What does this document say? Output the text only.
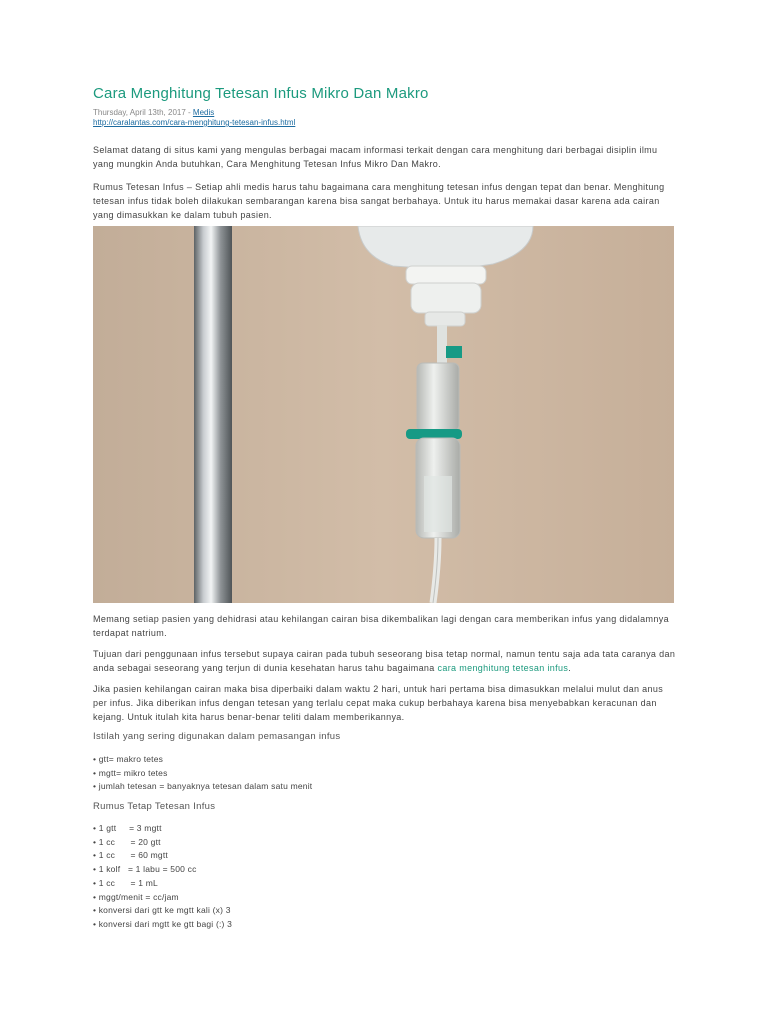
Cara Menghitung Tetesan Infus Mikro Dan Makro
Thursday, April 13th, 2017 - Medis
http://caralantas.com/cara-menghitung-tetesan-infus.html

Selamat datang di situs kami yang mengulas berbagai macam informasi terkait dengan cara menghitung dari berbagai disiplin ilmu yang mungkin Anda butuhkan, Cara Menghitung Tetesan Infus Mikro Dan Makro.

Rumus Tetesan Infus – Setiap ahli medis harus tahu bagaimana cara menghitung tetesan infus dengan tepat dan benar. Menghitung tetesan infus tidak boleh dilakukan sembarangan karena bisa sangat berbahaya. Untuk itu harus memakai dasar karena ada cairan yang dimasukkan ke dalam tubuh pasien.

Memang setiap pasien yang dehidrasi atau kehilangan cairan bisa dikembalikan lagi dengan cara memberikan infus yang didalamnya terdapat natrium.

Tujuan dari penggunaan infus tersebut supaya cairan pada tubuh seseorang bisa tetap normal, namun tentu saja ada tata caranya dan anda sebagai seseorang yang terjun di dunia kesehatan harus tahu bagaimana cara menghitung tetesan infus.

Jika pasien kehilangan cairan maka bisa diperbaiki dalam waktu 2 hari, untuk hari pertama bisa dimasukkan melalui mulut dan anus per infus. Jika diberikan infus dengan tetesan yang terlalu cepat maka cukup berbahaya karena bisa menyebabkan keracunan dan kejang. Untuk itulah kita harus benar-benar teliti dalam memberikannya.

Istilah yang sering digunakan dalam pemasangan infus
• gtt= makro tetes
• mgtt= mikro tetes
• jumlah tetesan = banyaknya tetesan dalam satu menit
Rumus Tetap Tetesan Infus
• 1 gtt     = 3 mgtt
• 1 cc      = 20 gtt
• 1 cc      = 60 mgtt
• 1 kolf   = 1 labu = 500 cc
• 1 cc      = 1 mL
• mggt/menit = cc/jam
• konversi dari gtt ke mgtt kali (x) 3
• konversi dari mgtt ke gtt bagi (:) 3
